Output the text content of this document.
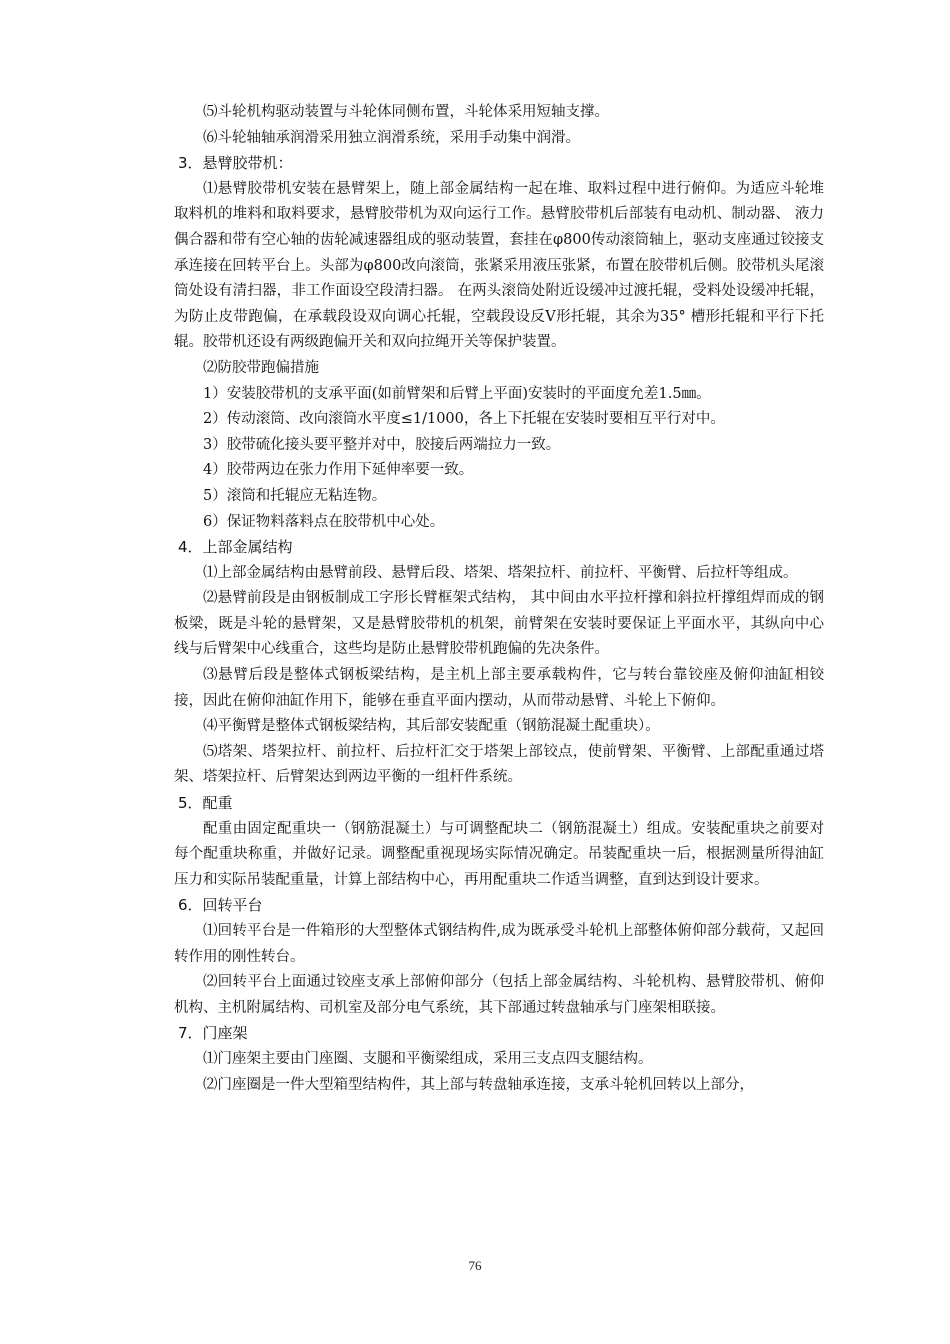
⑸斗轮机构驱动装置与斗轮体同侧布置，斗轮体采用短轴支撑。

⑹斗轮轴轴承润滑采用独立润滑系统，采用手动集中润滑。

3．悬臂胶带机：

⑴悬臂胶带机安装在悬臂架上，随上部金属结构一起在堆、取料过程中进行俯仰。为适应斗轮堆取料机的堆料和取料要求，悬臂胶带机为双向运行工作。悬臂胶带机后部装有电动机、制动器、 液力偶合器和带有空心轴的齿轮减速器组成的驱动装置，套挂在φ800传动滚筒轴上，驱动支座通过铰接支承连接在回转平台上。头部为φ800改向滚筒，张紧采用液压张紧，布置在胶带机后侧。胶带机头尾滚筒处设有清扫器，非工作面设空段清扫器。 在两头滚筒处附近设缓冲过渡托辊，受料处设缓冲托辊， 为防止皮带跑偏，在承载段设双向调心托辊，空载段设反V形托辊，其余为35° 槽形托辊和平行下托辊。胶带机还设有两级跑偏开关和双向拉绳开关等保护装置。

⑵防胶带跑偏措施

1）安装胶带机的支承平面(如前臂架和后臂上平面)安装时的平面度允差1.5㎜。

2）传动滚筒、改向滚筒水平度≤1/1000，各上下托辊在安装时要相互平行对中。

3）胶带硫化接头要平整并对中，胶接后两端拉力一致。

4）胶带两边在张力作用下延伸率要一致。

5）滚筒和托辊应无粘连物。

6）保证物料落料点在胶带机中心处。

4．上部金属结构

⑴上部金属结构由悬臂前段、悬臂后段、塔架、塔架拉杆、前拉杆、平衡臂、后拉杆等组成。

⑵悬臂前段是由钢板制成工字形长臂框架式结构， 其中间由水平拉杆撑和斜拉杆撑组焊而成的钢板梁，既是斗轮的悬臂架，又是悬臂胶带机的机架，前臂架在安装时要保证上平面水平，其纵向中心线与后臂架中心线重合，这些均是防止悬臂胶带机跑偏的先决条件。

⑶悬臂后段是整体式钢板梁结构，是主机上部主要承载构件，它与转台靠铰座及俯仰油缸相铰接，因此在俯仰油缸作用下，能够在垂直平面内摆动，从而带动悬臂、斗轮上下俯仰。

⑷平衡臂是整体式钢板梁结构，其后部安装配重（钢筋混凝土配重块）。

⑸塔架、塔架拉杆、前拉杆、后拉杆汇交于塔架上部铰点，使前臂架、平衡臂、上部配重通过塔架、塔架拉杆、后臂架达到两边平衡的一组杆件系统。

5．配重

配重由固定配重块一（钢筋混凝土）与可调整配块二（钢筋混凝土）组成。安装配重块之前要对每个配重块称重，并做好记录。调整配重视现场实际情况确定。吊装配重块一后，根据测量所得油缸压力和实际吊装配重量，计算上部结构中心，再用配重块二作适当调整，直到达到设计要求。

6．回转平台

⑴回转平台是一件箱形的大型整体式钢结构件,成为既承受斗轮机上部整体俯仰部分载荷，又起回转作用的刚性转台。

⑵回转平台上面通过铰座支承上部俯仰部分（包括上部金属结构、斗轮机构、悬臂胶带机、俯仰机构、主机附属结构、司机室及部分电气系统，其下部通过转盘轴承与门座架相联接。

7．门座架

⑴门座架主要由门座圈、支腿和平衡梁组成，采用三支点四支腿结构。

⑵门座圈是一件大型箱型结构件，其上部与转盘轴承连接，支承斗轮机回转以上部分，

76
